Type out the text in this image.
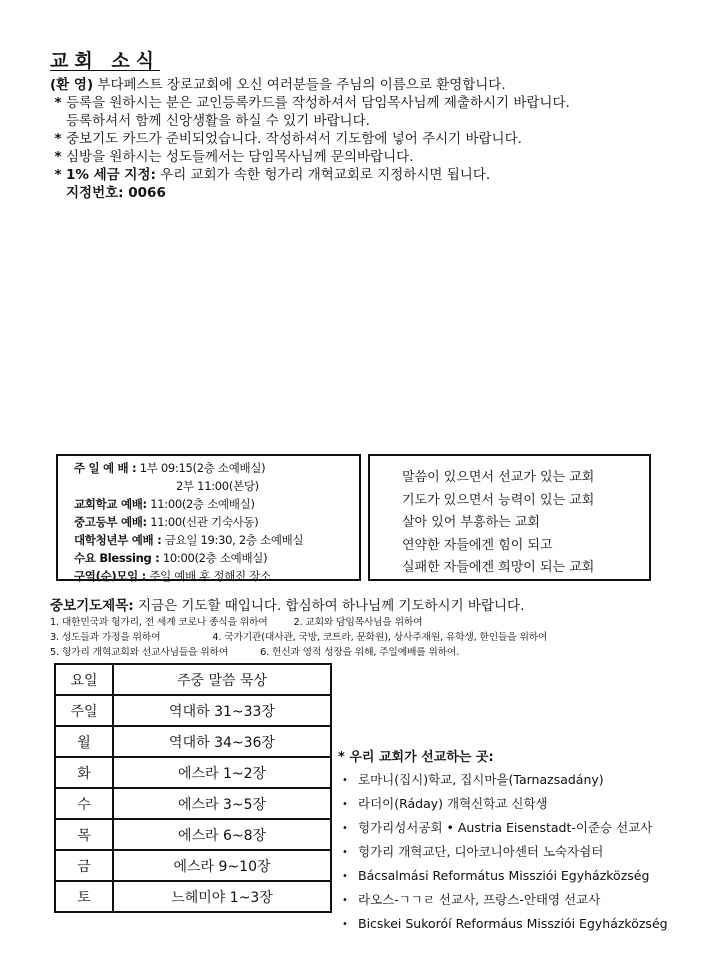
교회 소식
(환 영) 부다페스트 장로교회에 오신 여러분들을 주님의 이름으로 환영합니다.
* 등록을 원하시는 분은 교인등록카드를 작성하셔서 담임목사님께 제출하시기 바랍니다.
등록하셔서 함께 신앙생활을 하실 수 있기 바랍니다.
* 중보기도 카드가 준비되었습니다. 작성하셔서 기도함에 넣어 주시기 바랍니다.
* 심방을 원하시는 성도들께서는 담임목사님께 문의바랍니다.
* 1% 세금 지정: 우리 교회가 속한 헝가리 개혁교회로 지정하시면 됩니다.
지정번호: 0066
주 일 예 배 : 1부 09:15(2층 소예배실)
2부 11:00(본당)
교회학교 예배: 11:00(2층 소예배실)
중고등부 예배: 11:00(신관 기숙사동)
대학청년부 예배 : 금요일 19:30, 2층 소예배실
수요 Blessing : 10:00(2층 소예배실)
구역(순)모임 : 주일 예배 후 정해진 장소
말씀이 있으면서 선교가 있는 교회
기도가 있으면서 능력이 있는 교회
살아 있어 부흥하는 교회
연약한 자들에겐 힘이 되고
실패한 자들에겐 희망이 되는 교회
중보기도제목: 지금은 기도할 때입니다. 합심하여 하나님께 기도하시기 바랍니다.
1. 대한민국과 헝가리, 전 세계 코로나 종식을 위하여	2. 교회와 담임목사님을 위하여
3. 성도들과 가정을 위하여	4. 국가기관(대사관, 국방, 코트라, 문화원), 상사주재원, 유학생, 한인들을 위하여
5. 헝가리 개혁교회와 선교사님들을 위하여	6. 헌신과 영적 성장을 위해, 주일예배를 위하여.
요일	주중 말씀 묵상
주일	역대하 31~33장
월	역대하 34~36장
화	에스라 1~2장
수	에스라 3~5장
목	에스라 6~8장
금	에스라 9~10장
토	느헤미야 1~3장
* 우리 교회가 선교하는 곳:
• 로마니(집시)학교, 집시마을(Tarnazsadány)
• 라더이(Ráday) 개혁신학교 신학생
• 헝가리성서공회 • Austria Eisenstadt-이준승 선교사
• 헝가리 개혁교단, 디아코니아센터 노숙자쉼터
• Bácsalmási Református Missziói Egyházközség
• 라오스-ㄱㄱㄹ 선교사, 프랑스-안태영 선교사
• Bicskei Sukoróí Reformáus Missziói Egyházközség
